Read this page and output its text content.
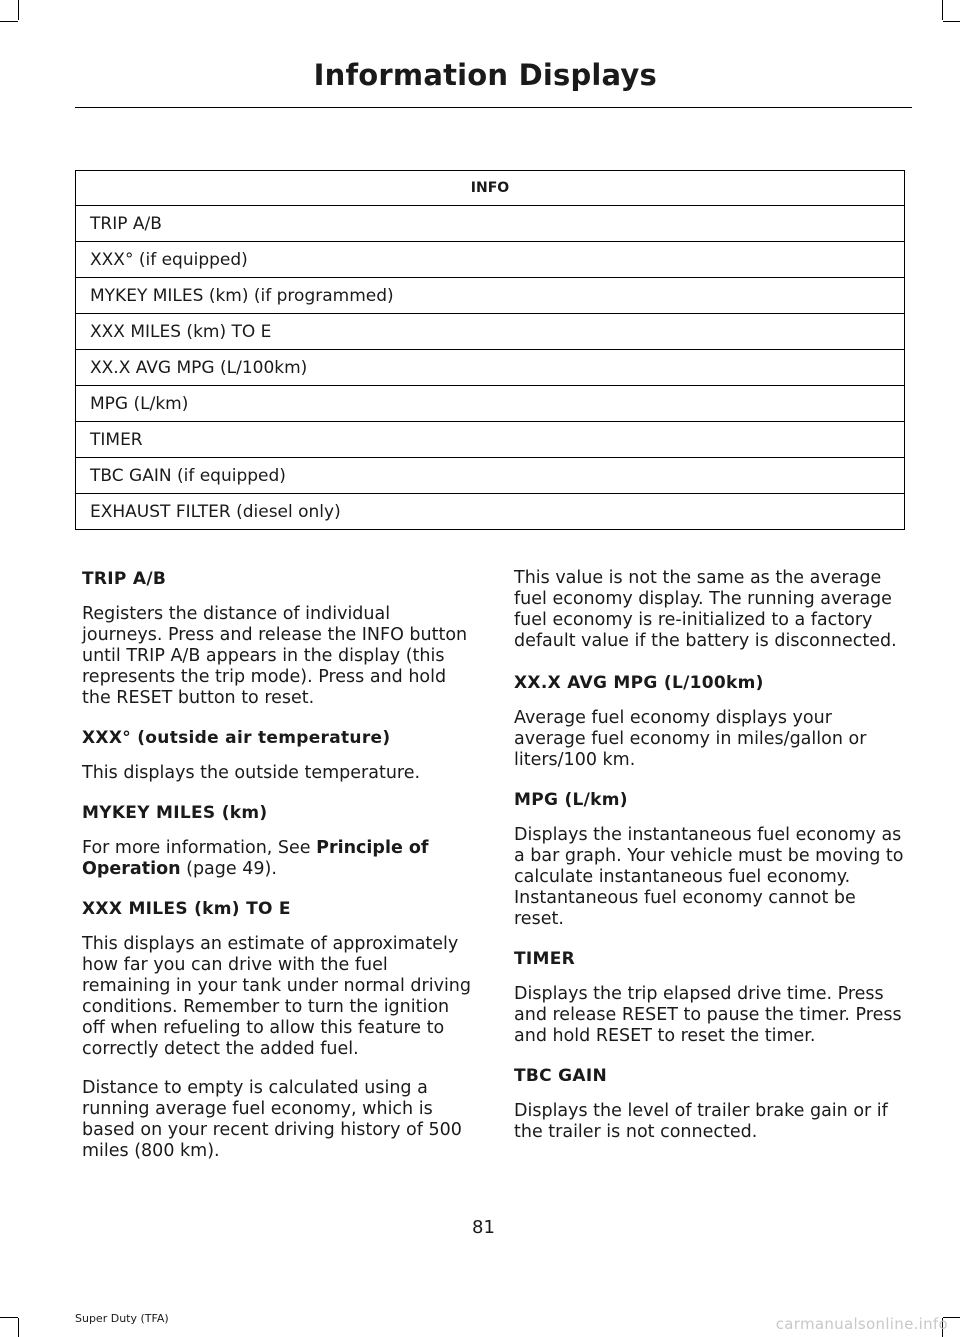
Information Displays
INFO
TRIP A/B
XXX° (if equipped)
MYKEY MILES (km) (if programmed)
XXX MILES (km) TO E
XX.X AVG MPG (L/100km)
MPG (L/km)
TIMER
TBC GAIN (if equipped)
EXHAUST FILTER (diesel only)
TRIP A/B

Registers the distance of individual journeys. Press and release the INFO button until TRIP A/B appears in the display (this represents the trip mode). Press and hold the RESET button to reset.

XXX° (outside air temperature)

This displays the outside temperature.

MYKEY MILES (km)

For more information, See Principle of Operation (page 49).

XXX MILES (km) TO E

This displays an estimate of approximately how far you can drive with the fuel remaining in your tank under normal driving conditions. Remember to turn the ignition off when refueling to allow this feature to correctly detect the added fuel.

Distance to empty is calculated using a running average fuel economy, which is based on your recent driving history of 500 miles (800 km).

This value is not the same as the average fuel economy display. The running average fuel economy is re-initialized to a factory default value if the battery is disconnected.

XX.X AVG MPG (L/100km)

Average fuel economy displays your average fuel economy in miles/gallon or liters/100 km.

MPG (L/km)

Displays the instantaneous fuel economy as a bar graph. Your vehicle must be moving to calculate instantaneous fuel economy. Instantaneous fuel economy cannot be reset.

TIMER

Displays the trip elapsed drive time. Press and release RESET to pause the timer. Press and hold RESET to reset the timer.

TBC GAIN

Displays the level of trailer brake gain or if the trailer is not connected.

81
Super Duty (TFA)	carmanualsonline.info
